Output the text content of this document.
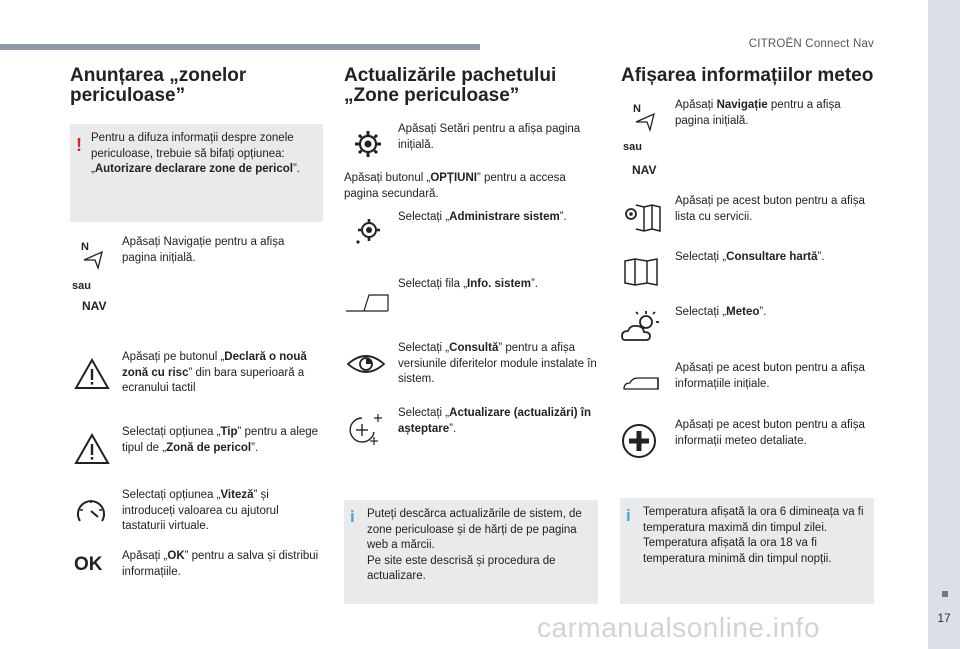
CITROËN Connect Nav
17
Anunțarea „zonelor periculoase”
! Pentru a difuza informații despre zonele periculoase, trebuie să bifați opțiunea: „Autorizare declarare zone de pericol”.

N
sau
NAV

Apăsați Navigație pentru a afișa pagina inițială.

Apăsați pe butonul „Declară o nouă zonă cu risc” din bara superioară a ecranului tactil

Selectați opțiunea „Tip” pentru a alege tipul de „Zonă de pericol”.

Selectați opțiunea „Viteză” și introduceți valoarea cu ajutorul tastaturii virtuale.

OK Apăsați „OK” pentru a salva și distribui informațiile.

Actualizările pachetului „Zone periculoase”

Apăsați Setări pentru a afișa pagina inițială.

Apăsați butonul „OPȚIUNI” pentru a accesa pagina secundară.

Selectați „Administrare sistem”.

Selectați fila „Info. sistem”.

Selectați „Consultă” pentru a afișa versiunile diferitelor module instalate în sistem.

Selectați „Actualizare (actualizări) în așteptare”.

i Puteți descărca actualizările de sistem, de zone periculoase și de hărți de pe pagina web a mărcii.
Pe site este descrisă și procedura de actualizare.

Afișarea informațiilor meteo
N
sau
NAV

Apăsați Navigație pentru a afișa pagina inițială.

Apăsați pe acest buton pentru a afișa lista cu servicii.

Selectați „Consultare hartă”.

Selectați „Meteo”.

Apăsați pe acest buton pentru a afișa informațiile inițiale.

Apăsați pe acest buton pentru a afișa informații meteo detaliate.

i Temperatura afișată la ora 6 dimineața va fi temperatura maximă din timpul zilei.
Temperatura afișată la ora 18 va fi temperatura minimă din timpul nopții.

carmanualsonline.info
